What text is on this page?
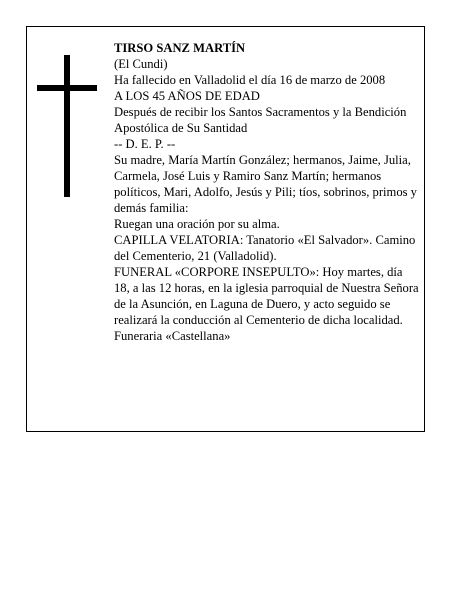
TIRSO SANZ MARTÍN

(El Cundi)

Ha fallecido en Valladolid el día 16 de marzo de 2008

A LOS 45 AÑOS DE EDAD

Después de recibir los Santos Sacramentos y la Bendición Apostólica de Su Santidad

-- D. E. P. --

Su madre, María Martín González; hermanos, Jaime, Julia, Carmela, José Luis y Ramiro Sanz Martín; hermanos políticos, Mari, Adolfo, Jesús y Pili; tíos, sobrinos, primos y demás familia:

Ruegan una oración por su alma.

CAPILLA VELATORIA: Tanatorio «El Salvador». Camino del Cementerio, 21 (Valladolid).

FUNERAL «CORPORE INSEPULTO»: Hoy martes, día 18, a las 12 horas, en la iglesia parroquial de Nuestra Señora de la Asunción, en Laguna de Duero, y acto seguido se realizará la conducción al Cementerio de dicha localidad.

Funeraria «Castellana»
